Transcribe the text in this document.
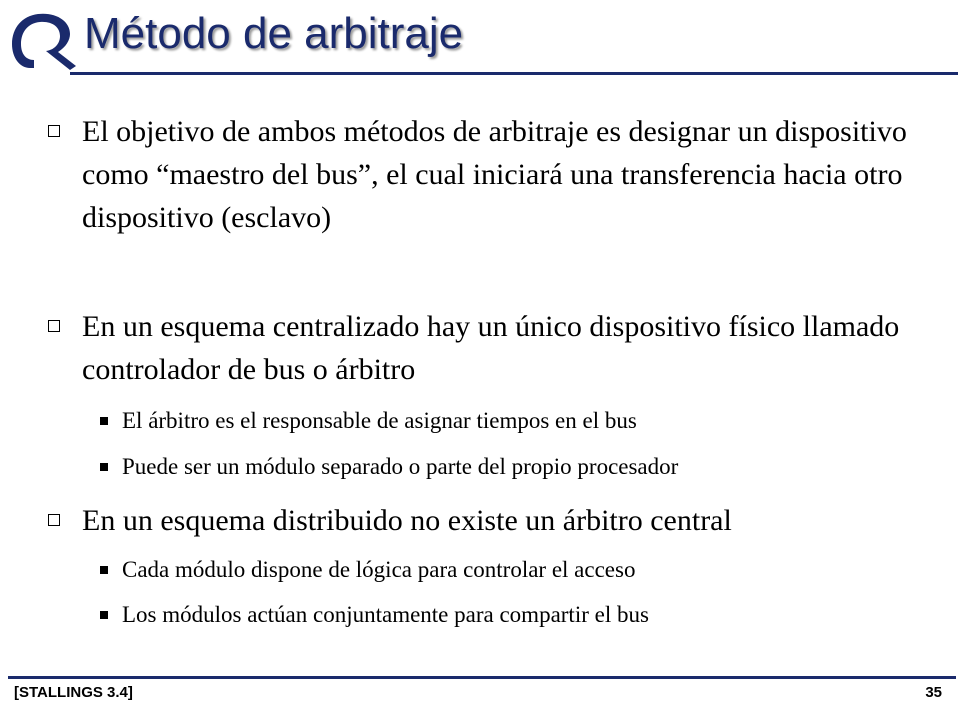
Método de arbitraje
El objetivo de ambos métodos de arbitraje es designar un dispositivo como “maestro del bus”, el cual iniciará una transferencia hacia otro dispositivo (esclavo)
En un esquema centralizado hay un único dispositivo físico llamado controlador de bus o árbitro
El árbitro es el responsable de asignar tiempos en el bus
Puede ser un módulo separado o parte del propio procesador
En un esquema distribuido no existe un árbitro central
Cada módulo dispone de lógica para controlar el acceso
Los módulos actúan conjuntamente para compartir el bus
[STALLINGS 3.4]	35
